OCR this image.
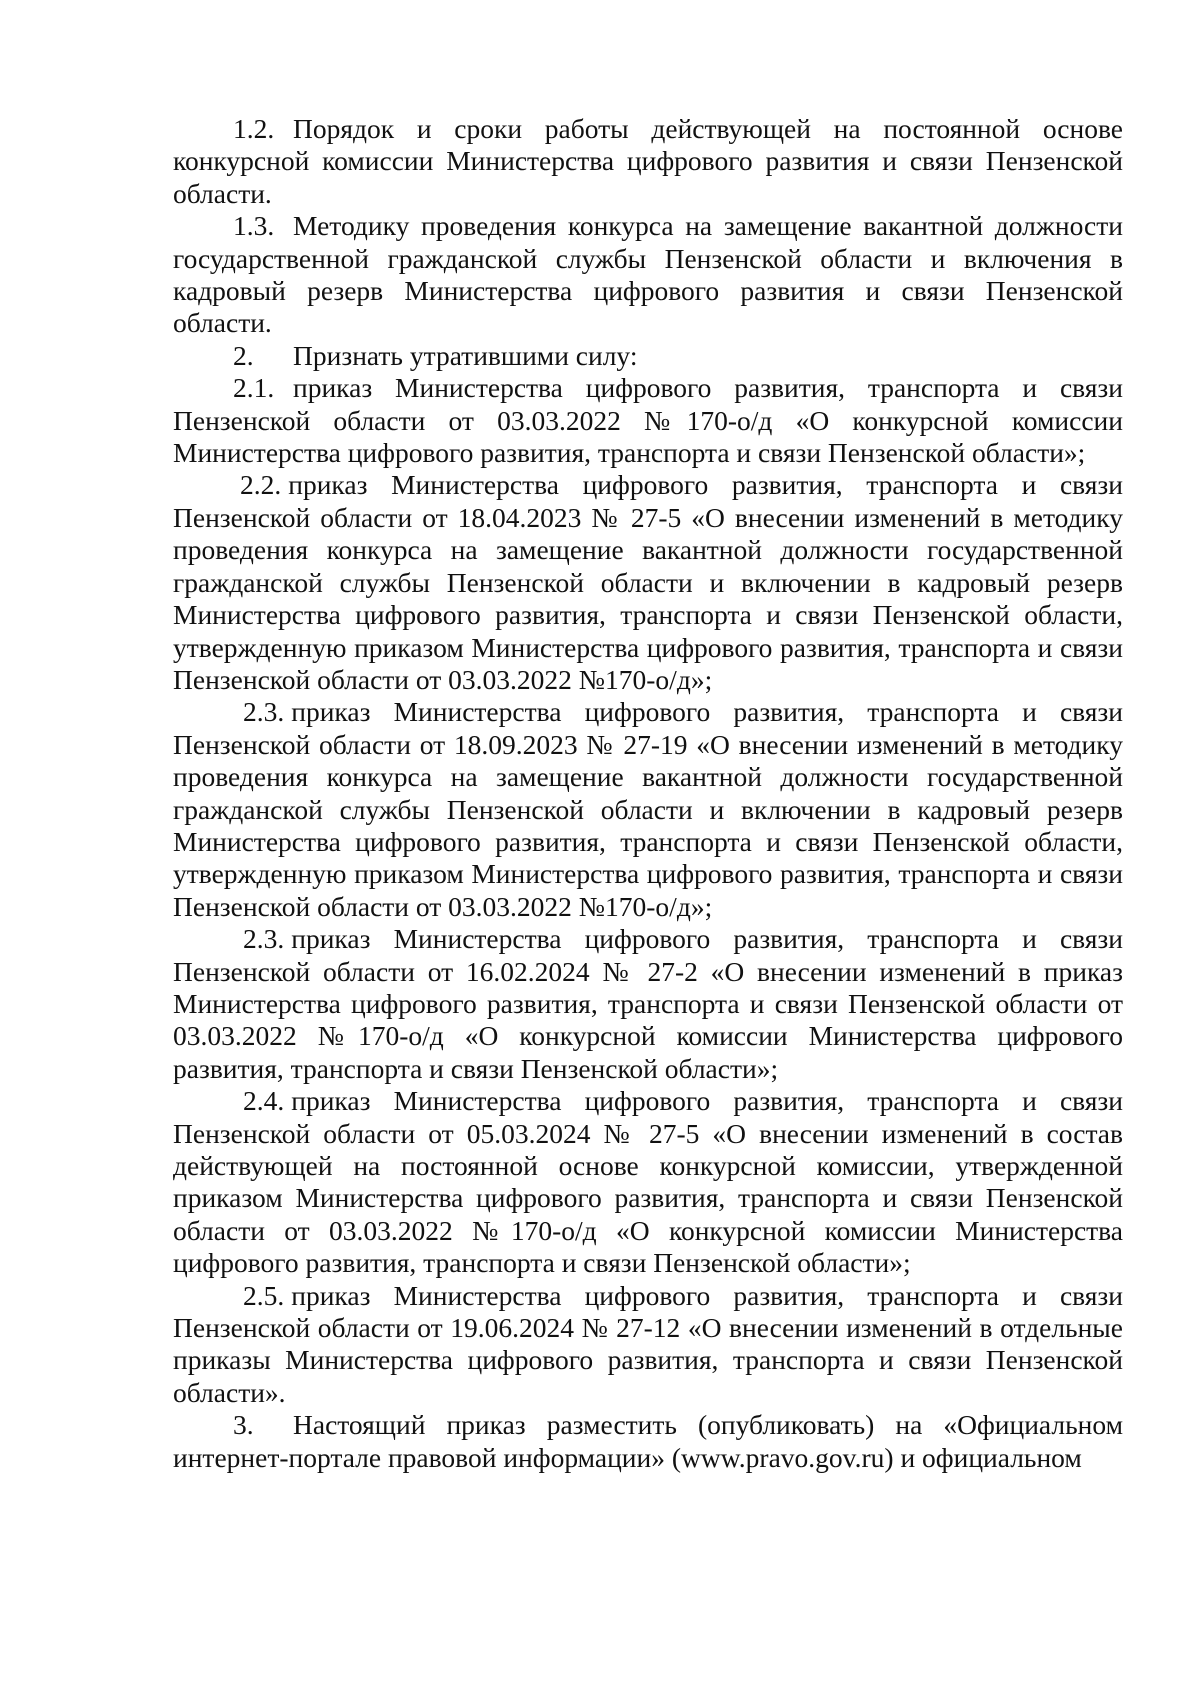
1.2. Порядок и сроки работы действующей на постоянной основе конкурсной комиссии Министерства цифрового развития и связи Пензенской области.

1.3. Методику проведения конкурса на замещение вакантной должности государственной гражданской службы Пензенской области и включения в кадровый резерв Министерства цифрового развития и связи Пензенской области.

2. Признать утратившими силу:

2.1. приказ Министерства цифрового развития, транспорта и связи Пензенской области от 03.03.2022 №170-о/д «О конкурсной комиссии Министерства цифрового развития, транспорта и связи Пензенской области»;

2.2. приказ Министерства цифрового развития, транспорта и связи Пензенской области от 18.04.2023 № 27-5 «О внесении изменений в методику проведения конкурса на замещение вакантной должности государственной гражданской службы Пензенской области и включении в кадровый резерв Министерства цифрового развития, транспорта и связи Пензенской области, утвержденную приказом Министерства цифрового развития, транспорта и связи Пензенской области от 03.03.2022 №170-о/д»;

2.3. приказ Министерства цифрового развития, транспорта и связи Пензенской области от 18.09.2023 № 27-19 «О внесении изменений в методику проведения конкурса на замещение вакантной должности государственной гражданской службы Пензенской области и включении в кадровый резерв Министерства цифрового развития, транспорта и связи Пензенской области, утвержденную приказом Министерства цифрового развития, транспорта и связи Пензенской области от 03.03.2022 №170-о/д»;

2.3. приказ Министерства цифрового развития, транспорта и связи Пензенской области от 16.02.2024 № 27-2 «О внесении изменений в приказ Министерства цифрового развития, транспорта и связи Пензенской области от 03.03.2022 №170-о/д «О конкурсной комиссии Министерства цифрового развития, транспорта и связи Пензенской области»;

2.4. приказ Министерства цифрового развития, транспорта и связи Пензенской области от 05.03.2024 № 27-5 «О внесении изменений в состав действующей на постоянной основе конкурсной комиссии, утвержденной приказом Министерства цифрового развития, транспорта и связи Пензенской области от 03.03.2022 №170-о/д «О конкурсной комиссии Министерства цифрового развития, транспорта и связи Пензенской области»;

2.5. приказ Министерства цифрового развития, транспорта и связи Пензенской области от 19.06.2024 № 27-12 «О внесении изменений в отдельные приказы Министерства цифрового развития, транспорта и связи Пензенской области».

3. Настоящий приказ разместить (опубликовать) на «Официальном интернет-портале правовой информации» (www.pravo.gov.ru) и официальном
